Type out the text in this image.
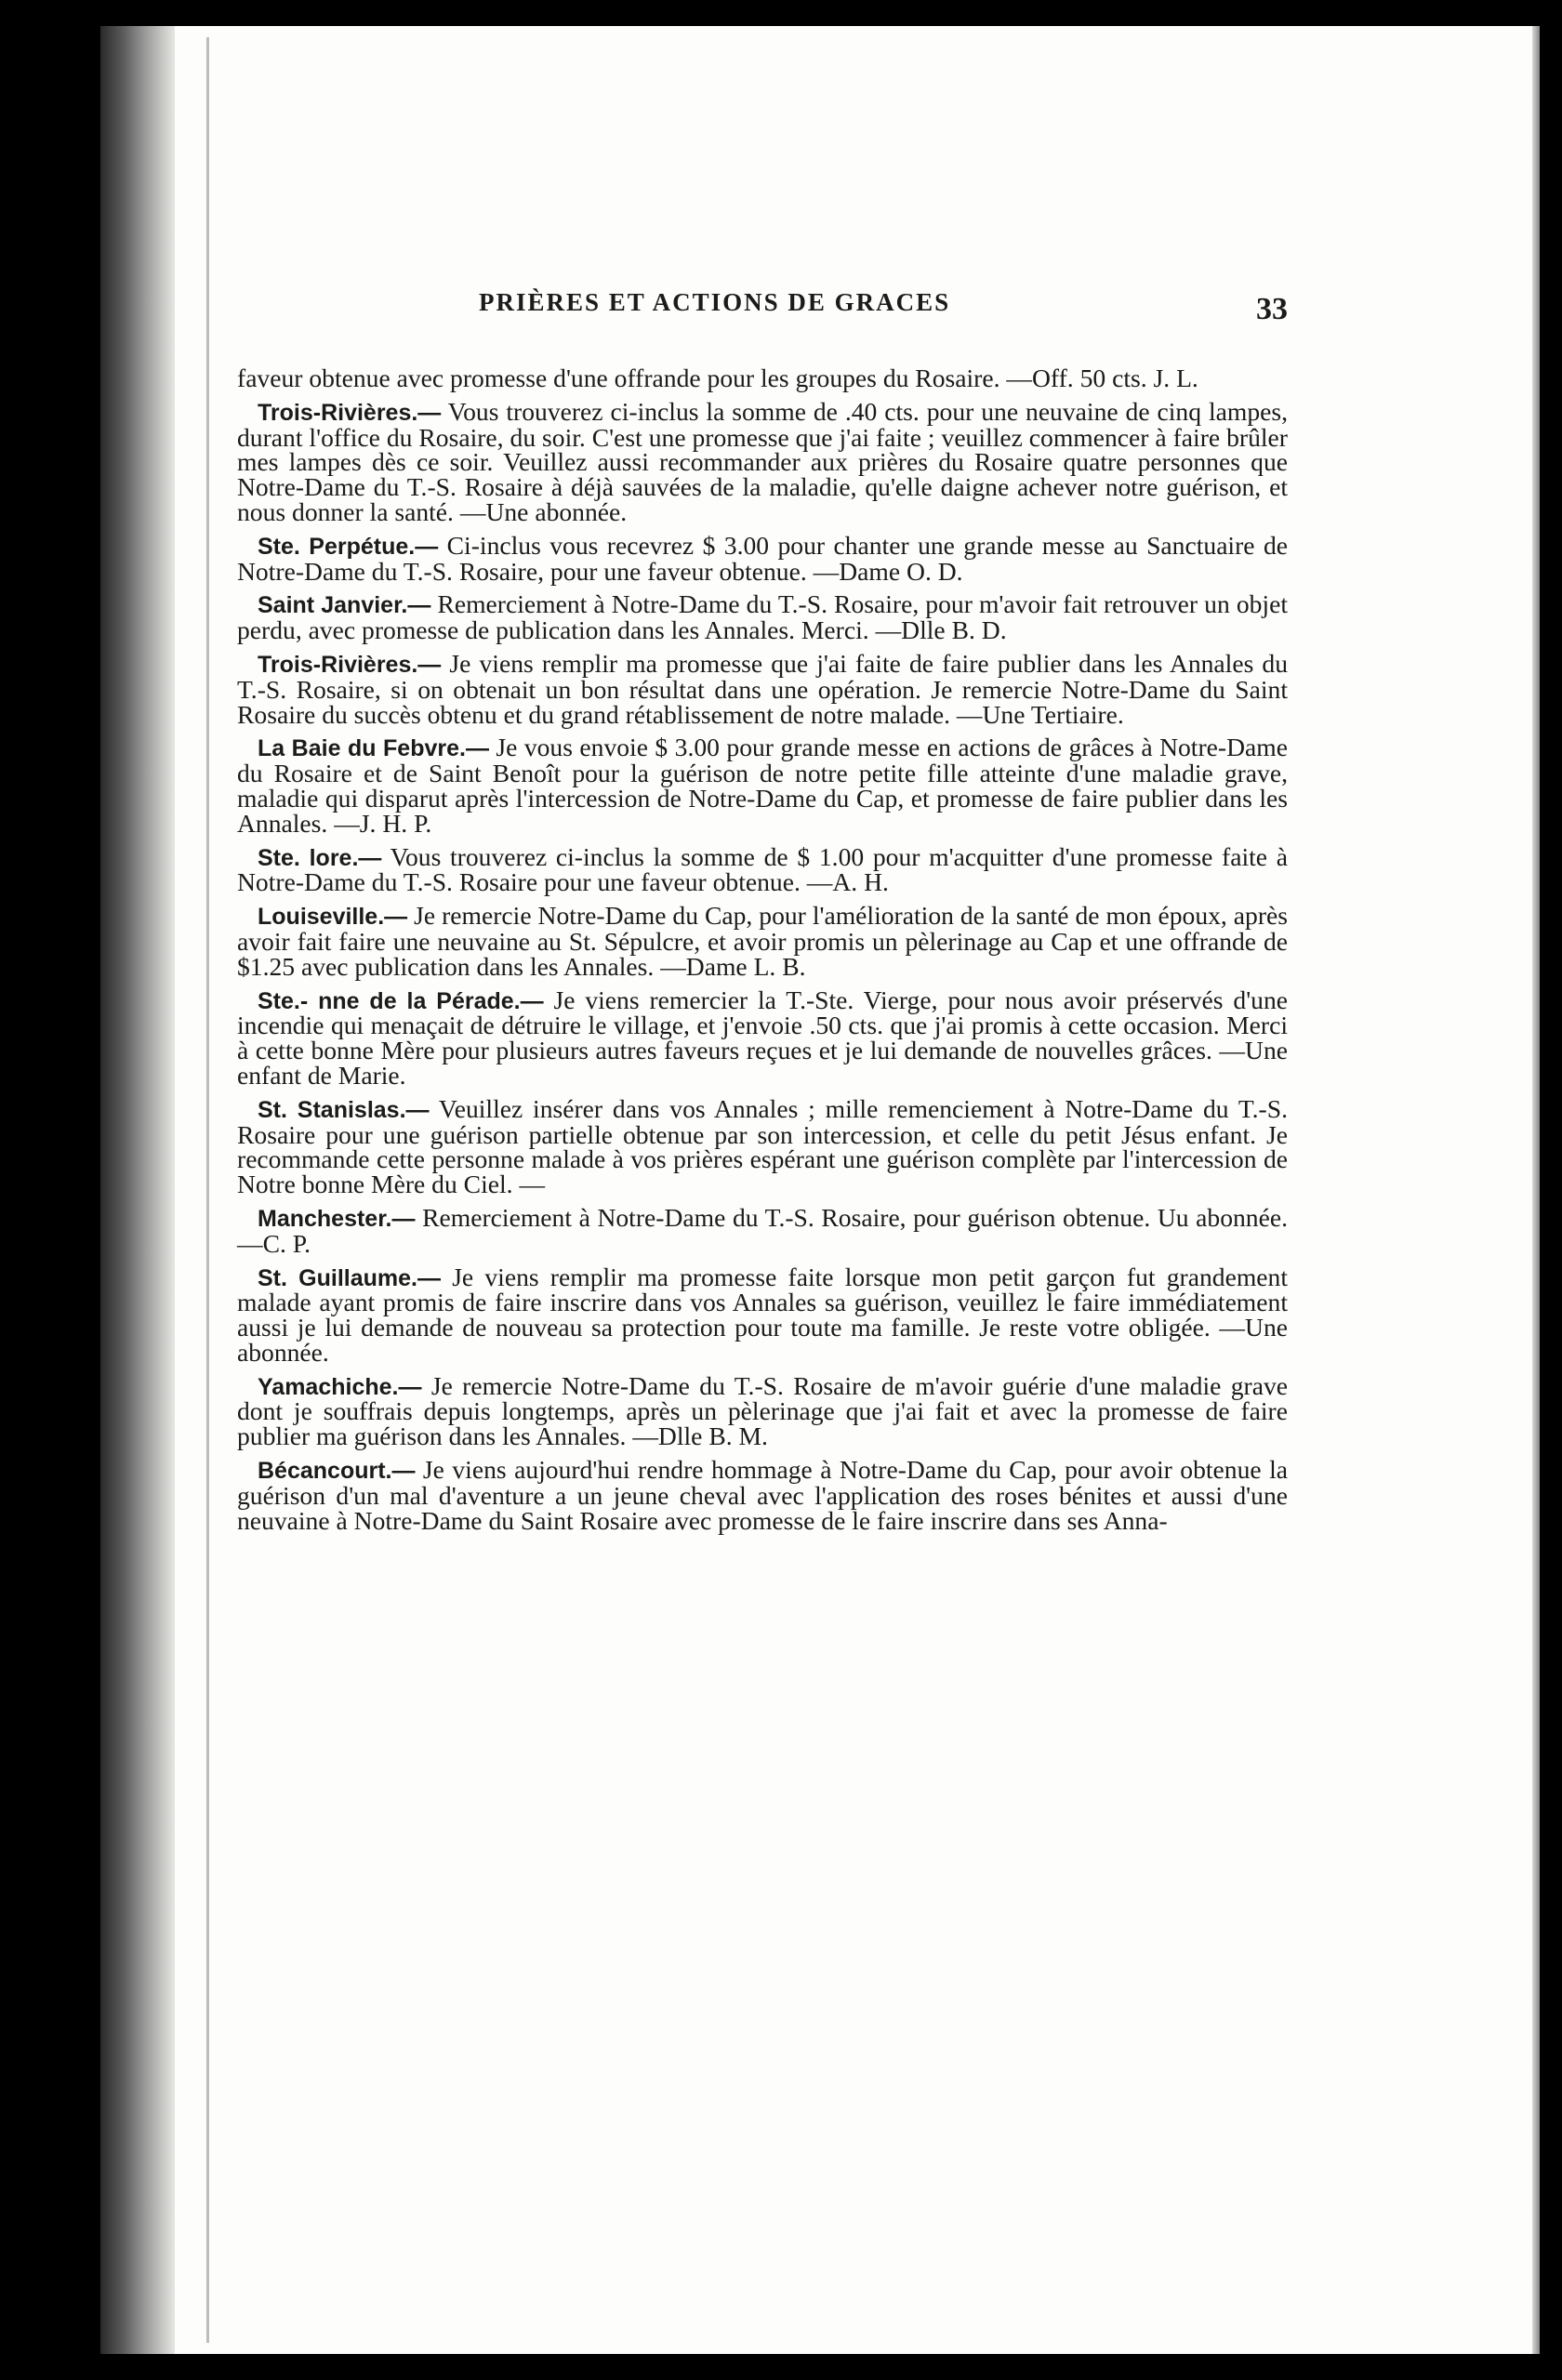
PRIÈRES ET ACTIONS DE GRACES	33

faveur obtenue avec promesse d'une offrande pour les groupes du Rosaire. —Off. 50 cts. J. L.

Trois-Rivières.— Vous trouverez ci-inclus la somme de .40 cts. pour une neuvaine de cinq lampes, durant l'office du Rosaire, du soir. C'est une promesse que j'ai faite ; veuillez commencer à faire brûler mes lampes dès ce soir. Veuillez aussi recommander aux prières du Rosaire quatre personnes que Notre-Dame du T.-S. Rosaire à déjà sauvées de la maladie, qu'elle daigne achever notre guérison, et nous donner la santé. —Une abonnée.

Ste. Perpétue.— Ci-inclus vous recevrez $ 3.00 pour chanter une grande messe au Sanctuaire de Notre-Dame du T.-S. Rosaire, pour une faveur obtenue. —Dame O. D.

Saint Janvier.— Remerciement à Notre-Dame du T.-S. Rosaire, pour m'avoir fait retrouver un objet perdu, avec promesse de publication dans les Annales. Merci. —Dlle B. D.

Trois-Rivières.— Je viens remplir ma promesse que j'ai faite de faire publier dans les Annales du T.-S. Rosaire, si on obtenait un bon résultat dans une opération. Je remercie Notre-Dame du Saint Rosaire du succès obtenu et du grand rétablissement de notre malade. —Une Tertiaire.

La Baie du Febvre.— Je vous envoie $ 3.00 pour grande messe en actions de grâces à Notre-Dame du Rosaire et de Saint Benoît pour la guérison de notre petite fille atteinte d'une maladie grave, maladie qui disparut après l'intercession de Notre-Dame du Cap, et promesse de faire publier dans les Annales. —J. H. P.

Ste. lore.— Vous trouverez ci-inclus la somme de $ 1.00 pour m'acquitter d'une promesse faite à Notre-Dame du T.-S. Rosaire pour une faveur obtenue. —A. H.

Louiseville.— Je remercie Notre-Dame du Cap, pour l'amélioration de la santé de mon époux, après avoir fait faire une neuvaine au St. Sépulcre, et avoir promis un pèlerinage au Cap et une offrande de $1.25 avec publication dans les Annales. —Dame L. B.

Ste.- nne de la Pérade.— Je viens remercier la T.-Ste. Vierge, pour nous avoir préservés d'une incendie qui menaçait de détruire le village, et j'envoie .50 cts. que j'ai promis à cette occasion. Merci à cette bonne Mère pour plusieurs autres faveurs reçues et je lui demande de nouvelles grâces. —Une enfant de Marie.

St. Stanislas.— Veuillez insérer dans vos Annales ; mille remenciement à Notre-Dame du T.-S. Rosaire pour une guérison partielle obtenue par son intercession, et celle du petit Jésus enfant. Je recommande cette personne malade à vos prières espérant une guérison complète par l'intercession de Notre bonne Mère du Ciel. —

Manchester.— Remerciement à Notre-Dame du T.-S. Rosaire, pour guérison obtenue. Uu abonnée. —C. P.

St. Guillaume.— Je viens remplir ma promesse faite lorsque mon petit garçon fut grandement malade ayant promis de faire inscrire dans vos Annales sa guérison, veuillez le faire immédiatement aussi je lui demande de nouveau sa protection pour toute ma famille. Je reste votre obligée. —Une abonnée.

Yamachiche.— Je remercie Notre-Dame du T.-S. Rosaire de m'avoir guérie d'une maladie grave dont je souffrais depuis longtemps, après un pèlerinage que j'ai fait et avec la promesse de faire publier ma guérison dans les Annales. —Dlle B. M.

Bécancourt.— Je viens aujourd'hui rendre hommage à Notre-Dame du Cap, pour avoir obtenue la guérison d'un mal d'aventure a un jeune cheval avec l'application des roses bénites et aussi d'une neuvaine à Notre-Dame du Saint Rosaire avec promesse de le faire inscrire dans ses Anna-
